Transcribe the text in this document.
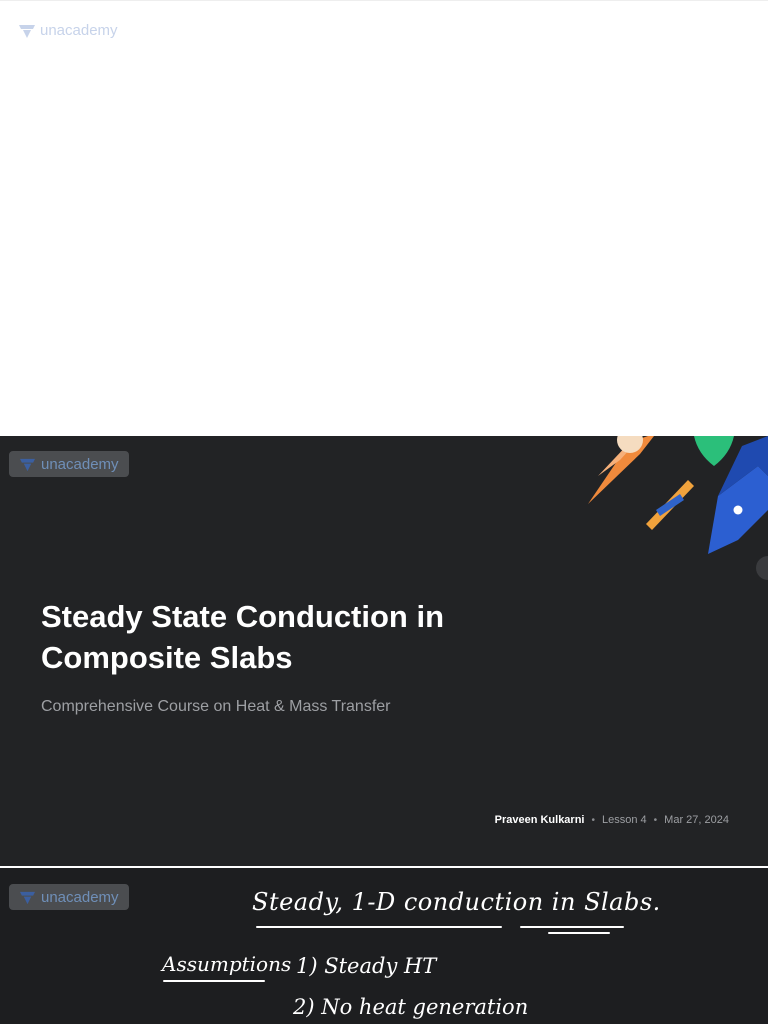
unacademy
unacademy
Steady State Conduction in Composite Slabs
Comprehensive Course on Heat & Mass Transfer
Praveen Kulkarni • Lesson 4 • Mar 27, 2024
unacademy	Steady, 1-D conduction in Slabs.
Assumptions 1) Steady HT
2) No heat generation
